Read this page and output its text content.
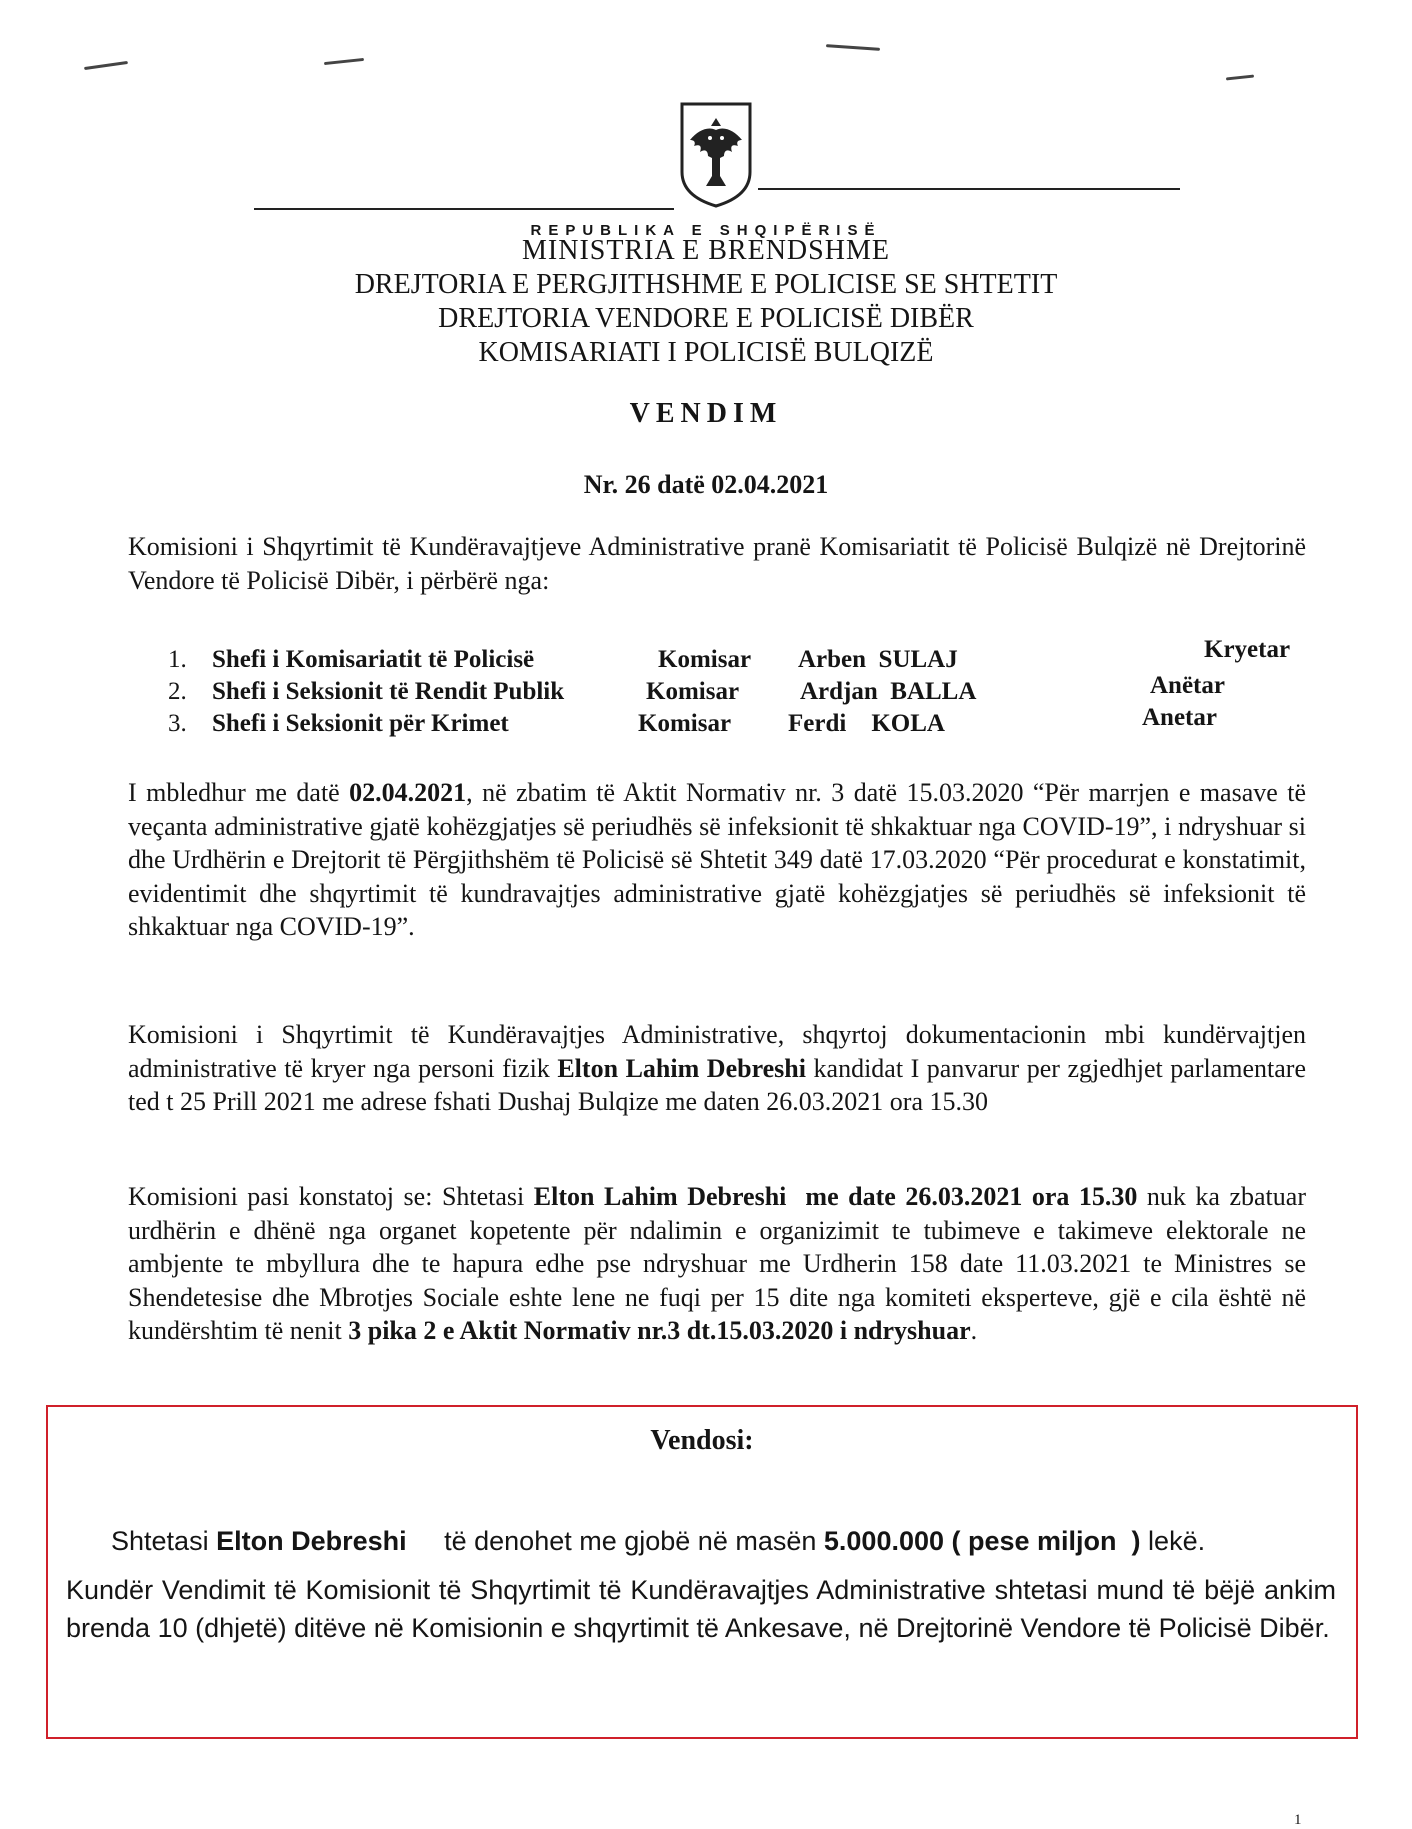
REPUBLIKA E SHQIPËRISË
MINISTRIA E BRENDSHME
DREJTORIA E PERGJITHSHME E POLICISE SE SHTETIT
DREJTORIA VENDORE E POLICISË DIBËR
KOMISARIATI I POLICISË BULQIZË
VENDIM
Nr. 26 datë 02.04.2021
Komisioni i Shqyrtimit të Kundëravajtjeve Administrative pranë Komisariatit të Policisë Bulqizë në Drejtorinë Vendore të Policisë Dibër, i përbërë nga:
1. Shefi i Komisariatit të Policisë	Komisar Arben  SULAJ	Kryetar
2. Shefi i Seksionit të Rendit Publik	Komisar Ardjan  BALLA	Anëtar
3. Shefi i Seksionit për Krimet	Komisar Ferdi    KOLA	Anetar
I mbledhur me datë 02.04.2021, në zbatim të Aktit Normativ nr. 3 datë 15.03.2020 “Për marrjen e masave të veçanta administrative gjatë kohëzgjatjes së periudhës së infeksionit të shkaktuar nga COVID-19”, i ndryshuar si dhe Urdhërin e Drejtorit të Përgjithshëm të Policisë së Shtetit 349 datë 17.03.2020 “Për procedurat e konstatimit, evidentimit dhe shqyrtimit të kundravajtjes administrative gjatë kohëzgjatjes së periudhës së infeksionit të shkaktuar nga COVID-19”.
Komisioni i Shqyrtimit të Kundëravajtjes Administrative, shqyrtoj dokumentacionin mbi kundërvajtjen administrative të kryer nga personi fizik Elton Lahim Debreshi kandidat I panvarur per zgjedhjet parlamentare ted t 25 Prill 2021 me adrese fshati Dushaj Bulqize me daten 26.03.2021 ora 15.30
Komisioni pasi konstatoj se: Shtetasi Elton Lahim Debreshi  me date 26.03.2021 ora 15.30 nuk ka zbatuar urdhërin e dhënë nga organet kopetente për ndalimin e organizimit te tubimeve e takimeve elektorale ne ambjente te mbyllura dhe te hapura edhe pse ndryshuar me Urdherin 158 date 11.03.2021 te Ministres se Shendetesise dhe Mbrotjes Sociale eshte lene ne fuqi per 15 dite nga komiteti eksperteve, gjë e cila është në kundërshtim të nenit 3 pika 2 e Aktit Normativ nr.3 dt.15.03.2020 i ndryshuar.
Vendosi:

Shtetasi Elton Debreshi     të denohet me gjobë në masën 5.000.000 ( pese miljon  ) lekë.

Kundër Vendimit të Komisionit të Shqyrtimit të Kundëravajtjes Administrative shtetasi mund të bëjë ankim brenda 10 (dhjetë) ditëve në Komisionin e shqyrtimit të Ankesave, në Drejtorinë Vendore të Policisë Dibër.
1
